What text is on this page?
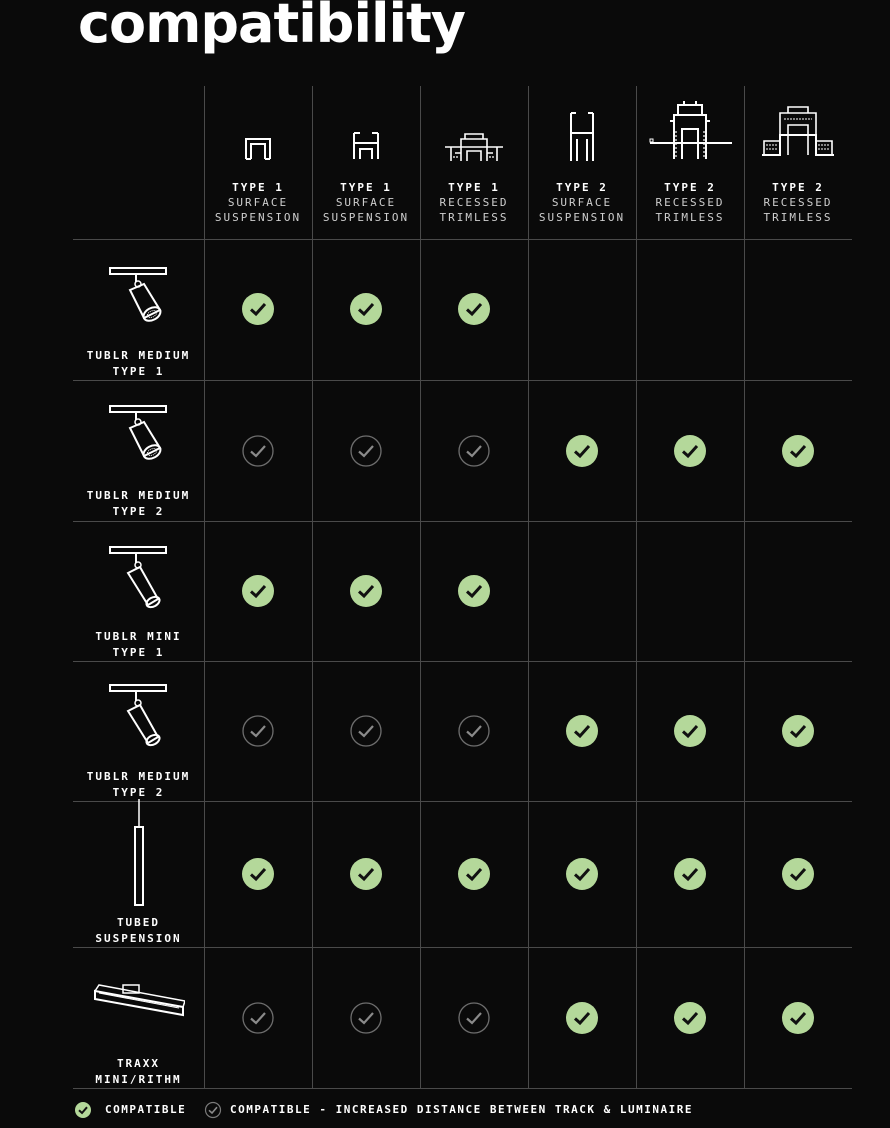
compatibility
TYPE 1
SURFACE
SUSPENSION
TYPE 1
SURFACE
SUSPENSION
TYPE 1
RECESSED
TRIMLESS
TYPE 2
SURFACE
SUSPENSION
TYPE 2
RECESSED
TRIMLESS
TYPE 2
RECESSED
TRIMLESS
TUBLR MEDIUM
TYPE 1
TUBLR MEDIUM
TYPE 2
TUBLR MINI
TYPE 1
TUBLR MEDIUM
TYPE 2
TUBED
SUSPENSION
TRAXX
MINI/RITHM
COMPATIBLE	COMPATIBLE - INCREASED DISTANCE BETWEEN TRACK & LUMINAIRE
